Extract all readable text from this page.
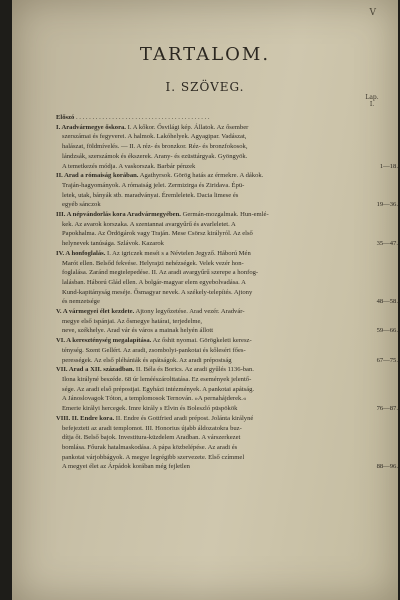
V
TARTALOM.
I. SZÖVEG.
Lap.
I.
Előszó . . . . . . . . . . . . . . . . . . . . . . . . . . . . . . . . . . . . . . . . .
I. Aradvármegye őskora. I. A kőkor. Ősvilági kép. Állatok. Az ősember
szerszámai és fegyverei. A halmok. Lakóhelyek. Agyagipar. Vadászat,
halászat, földmívelés. — II. A réz- és bronzkor. Réz- és bronzfokosok,
lándzsák, szerszámok és ékszerek. Arany- és ezüsttárgyak. Gyöngyök.
A temetkezés módja. A vaskorszak. Barbár pénzek	1—18.
II. Arad a rómaiság korában. Agathyrsok. Görög hatás az érmekre. A dákok.
Traján-hagyományok. A rómaiság jelei. Zermizirga és Ziridava. Épü-
letek, utak, bányák stb. maradványai. Éremleletek. Dacia limese és
egyéb sánczok	19—36.
III. A népvándorlás kora Aradvármegyében. Germán-mozgalmak. Hun-emlé-
kek. Az avarok korszaka. A szentannai avargyűrű és avarleletet. A
Papokhalma. Az Ördögárok vagy Traján. Mese Csörsz királyról. Az első
helynevek tanúsága. Szlávok. Kazarok	35—47.
IV. A honfoglalás. I. Az igriczek meséi s a Névtelen Jegyző. Háború Mén
Marót ellen. Belsőd fekvése. Helyrajzi nehézségek. Velek vezér hon-
foglalása. Zaránd megtelepedése. II. Az aradi avargyűrű szerepe a honfog-
lalásban. Háború Glád ellen. A bolgár-magyar elem egyebolvadása. A
Kund-kapitányság meséje. Ősmagyar nevek. A székely-telepítés. Ajtony
és nemzetsége	48—58.
V. A vármegyei élet kezdete. Ajtony legyőzetése. Arad vezér. Aradvár-
megye első ispánjai. Az ősmegye határai, terjedelme,
neve, székhelye. Arad vár és város a mainak helyén állott	59—66.
VI. A kereszténység megalapítása. Az őshit nyomai. Görögkeleti keresz-
ténység. Szent Gellért. Az aradi, zsombolyi-pankotai és kőleséri főes-
perességek. Az első pléhániák és apátságok. Az aradi prépostság	67—75.
VII. Arad a XII. században. II. Béla és Borics. Az aradi gyűlés 1136-ban.
Ilona királyné beszéde. 68 úr leméészárolttatása. Ez események jelentő-
sége. Az aradi első prépostjai. Egyházi intézmények. A pankotai apátság.
A Jánoslovagok Tóton, a templomosok Ternován. »A pernahájderek.«
Emerie királyi hercegek. Imre király s Elvin és Boleszló püspökök	76—87.
VIII. II. Endre kora. II. Endre és Gottfried aradi prépost. Jolánta királyné
befejezteti az aradi templomot. III. Honorius újabb áldozatokra buz-
dítja őt. Belső bajok. Investitura-küzdelem Aradban. A várszerkezet
bomlása. Főurak hatalmaskodása. A pápa közbelépése. Az aradi és
pankotai várjobbágyok. A megye legrégibb szervezete. Első czímmel
A megyei élet az Árpádok korában még fejletlen	88—96.
